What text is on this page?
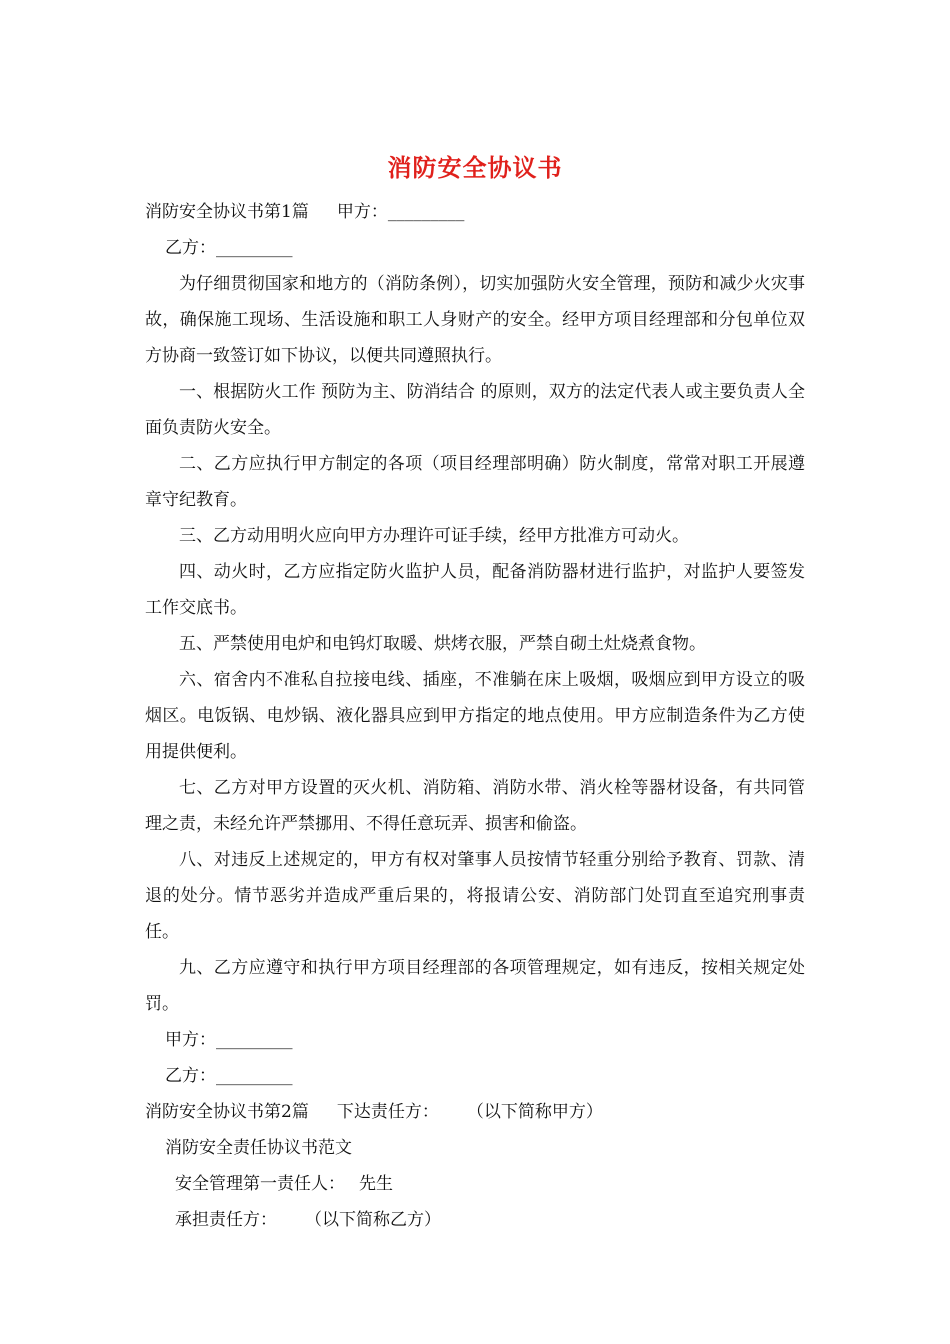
消防安全协议书

消防安全协议书第1篇 甲方：_________

乙方：_________

为仔细贯彻国家和地方的（消防条例），切实加强防火安全管理，预防和减少火灾事故，确保施工现场、生活设施和职工人身财产的安全。经甲方项目经理部和分包单位双方协商一致签订如下协议，以便共同遵照执行。

一、根据防火工作 预防为主、防消结合 的原则，双方的法定代表人或主要负责人全面负责防火安全。

二、乙方应执行甲方制定的各项（项目经理部明确）防火制度，常常对职工开展遵章守纪教育。

三、乙方动用明火应向甲方办理许可证手续，经甲方批准方可动火。

四、动火时，乙方应指定防火监护人员，配备消防器材进行监护，对监护人要签发工作交底书。

五、严禁使用电炉和电钨灯取暖、烘烤衣服，严禁自砌土灶烧煮食物。

六、宿舍内不准私自拉接电线、插座，不准躺在床上吸烟，吸烟应到甲方设立的吸烟区。电饭锅、电炒锅、液化器具应到甲方指定的地点使用。甲方应制造条件为乙方使用提供便利。

七、乙方对甲方设置的灭火机、消防箱、消防水带、消火栓等器材设备，有共同管理之责，未经允许严禁挪用、不得任意玩弄、损害和偷盗。

八、对违反上述规定的，甲方有权对肇事人员按情节轻重分别给予教育、罚款、清退的处分。情节恶劣并造成严重后果的，将报请公安、消防部门处罚直至追究刑事责任。

九、乙方应遵守和执行甲方项目经理部的各项管理规定，如有违反，按相关规定处罚。

甲方：_________

乙方：_________

消防安全协议书第2篇 下达责任方： （以下简称甲方）

消防安全责任协议书范文

安全管理第一责任人： 先生

承担责任方： （以下简称乙方）
